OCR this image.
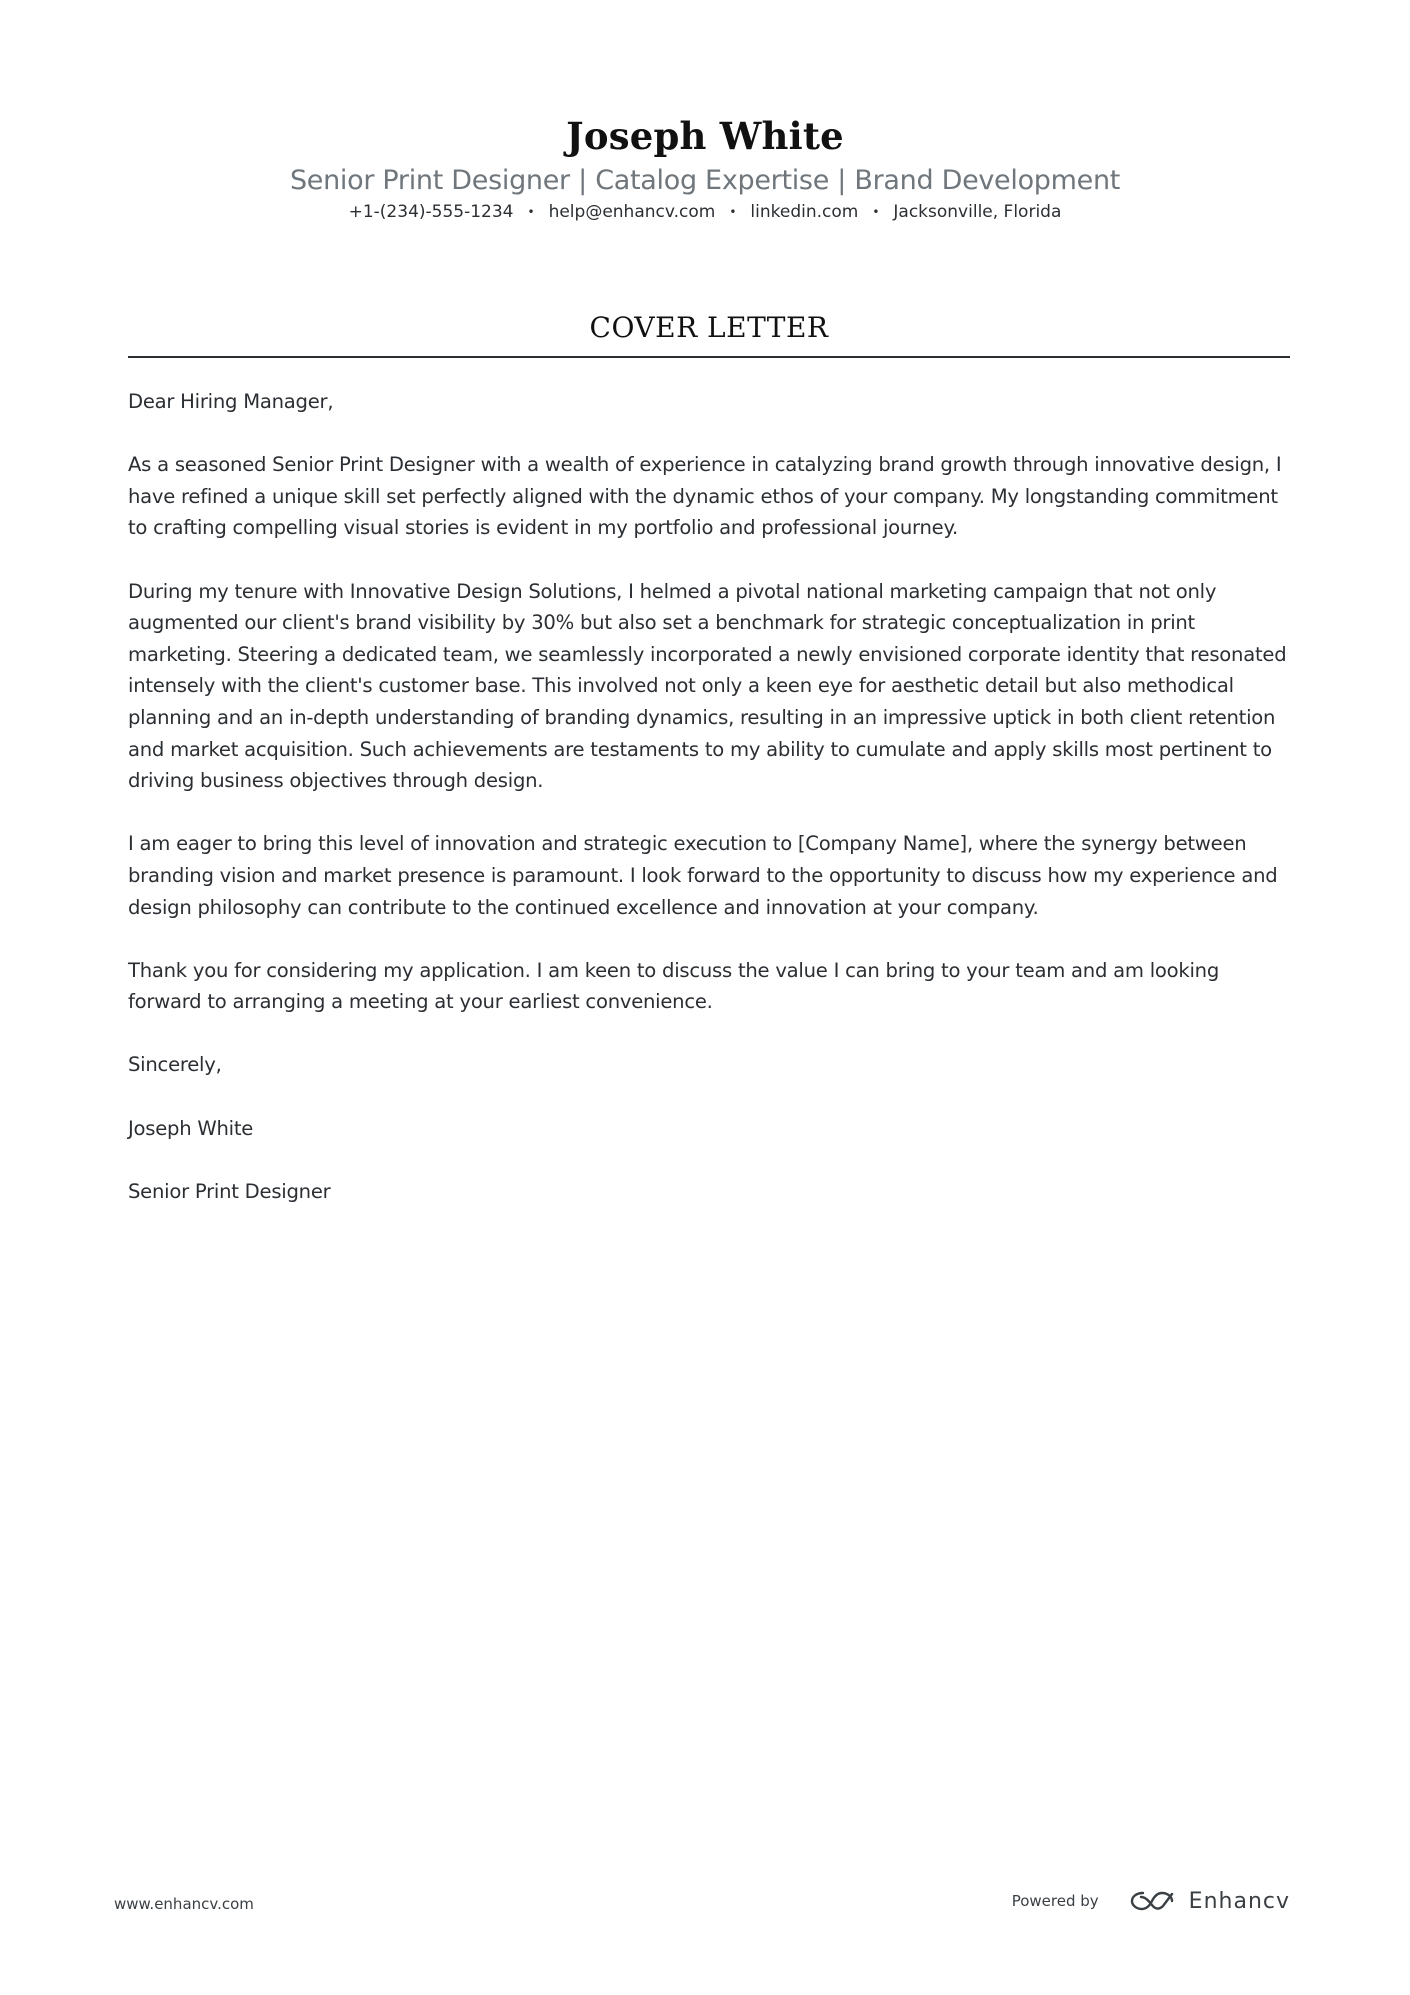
Joseph White
Senior Print Designer | Catalog Expertise | Brand Development
+1-(234)-555-1234 • help@enhancv.com • linkedin.com • Jacksonville, Florida
COVER LETTER

Dear Hiring Manager,

As a seasoned Senior Print Designer with a wealth of experience in catalyzing brand growth through innovative design, I have refined a unique skill set perfectly aligned with the dynamic ethos of your company. My longstanding commitment to crafting compelling visual stories is evident in my portfolio and professional journey.

During my tenure with Innovative Design Solutions, I helmed a pivotal national marketing campaign that not only augmented our client's brand visibility by 30% but also set a benchmark for strategic conceptualization in print marketing. Steering a dedicated team, we seamlessly incorporated a newly envisioned corporate identity that resonated intensely with the client's customer base. This involved not only a keen eye for aesthetic detail but also methodical planning and an in-depth understanding of branding dynamics, resulting in an impressive uptick in both client retention and market acquisition. Such achievements are testaments to my ability to cumulate and apply skills most pertinent to driving business objectives through design.

I am eager to bring this level of innovation and strategic execution to [Company Name], where the synergy between branding vision and market presence is paramount. I look forward to the opportunity to discuss how my experience and design philosophy can contribute to the continued excellence and innovation at your company.

Thank you for considering my application. I am keen to discuss the value I can bring to your team and am looking forward to arranging a meeting at your earliest convenience.

Sincerely,

Joseph White

Senior Print Designer

www.enhancv.com	Powered by	Enhancv
